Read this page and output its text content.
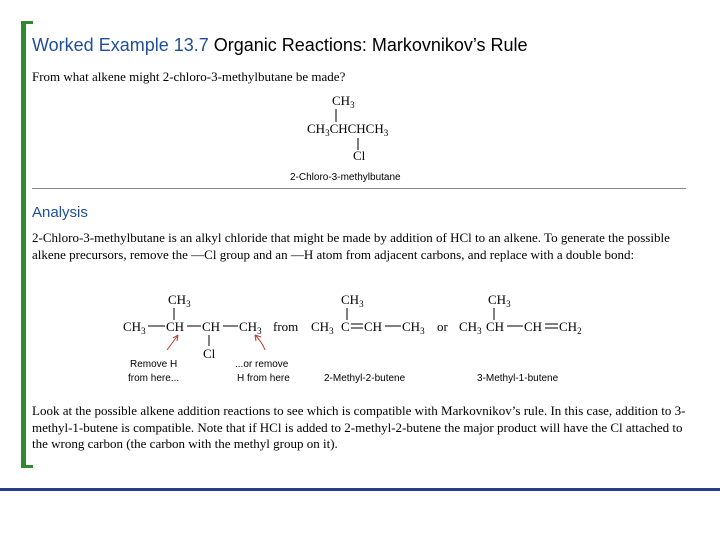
Worked Example 13.7 Organic Reactions: Markovnikov’s Rule
From what alkene might 2-chloro-3-methylbutane be made?
$CH_3$
$CH_3CHCHCH_3$
Cl
2-Chloro-3-methylbutane
Analysis
2-Chloro-3-methylbutane is an alkyl chloride that might be made by addition of HCl to an alkene. To generate the possible alkene precursors, remove the —Cl group and an —H atom from adjacent carbons, and replace with a double bond:
$CH_3$
$CH_3$ CH CH $CH_3$
Cl
Remove H
from here...
...or remove
H from here
from
$CH_3$
$CH_3$ C CH $CH_3$
2-Methyl-2-butene
or
$CH_3$
$CH_3$ CH CH $CH_2$
3-Methyl-1-butene
Look at the possible alkene addition reactions to see which is compatible with Markovnikov’s rule. In this case, addition to 3-methyl-1-butene is compatible. Note that if HCl is added to 2-methyl-2-butene the major product will have the Cl attached to the wrong carbon (the carbon with the methyl group on it).
